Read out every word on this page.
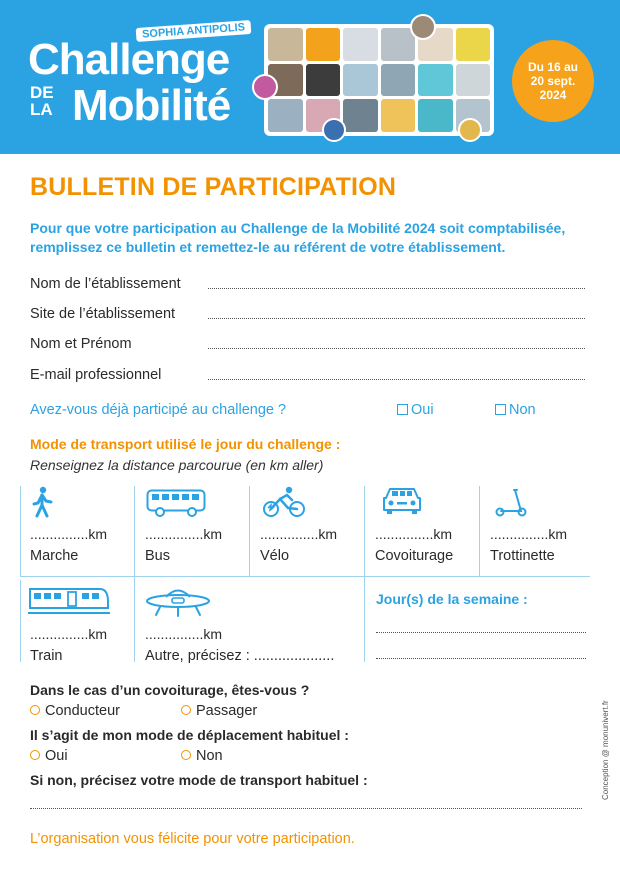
SOPHIA ANTIPOLIS
Challenge
DE
LA Mobilité
Du 16 au
20 sept.
2024
BULLETIN DE PARTICIPATION
Pour que votre participation au Challenge de la Mobilité 2024 soit comptabilisée, remplissez ce bulletin et remettez-le au référent de votre établissement.
Nom de l’établissement
Site de l’établissement
Nom et Prénom
E-mail professionnel
Avez-vous déjà participé au challenge ?	Oui	Non
Mode de transport utilisé le jour du challenge :
Renseignez la distance parcourue (en km aller)
...............km	...............km	...............km	...............km	...............km
Marche	Bus	Vélo	Covoiturage	Trottinette
...............km	...............km
Train	Autre, précisez : ....................
Jour(s) de la semaine :
Dans le cas d’un covoiturage, êtes-vous ?
Conducteur	Passager
Il s’agit de mon mode de déplacement habituel :
Oui	Non
Si non, précisez votre mode de transport habituel :
L’organisation vous félicite pour votre participation.
Conception @ monunivert.fr
